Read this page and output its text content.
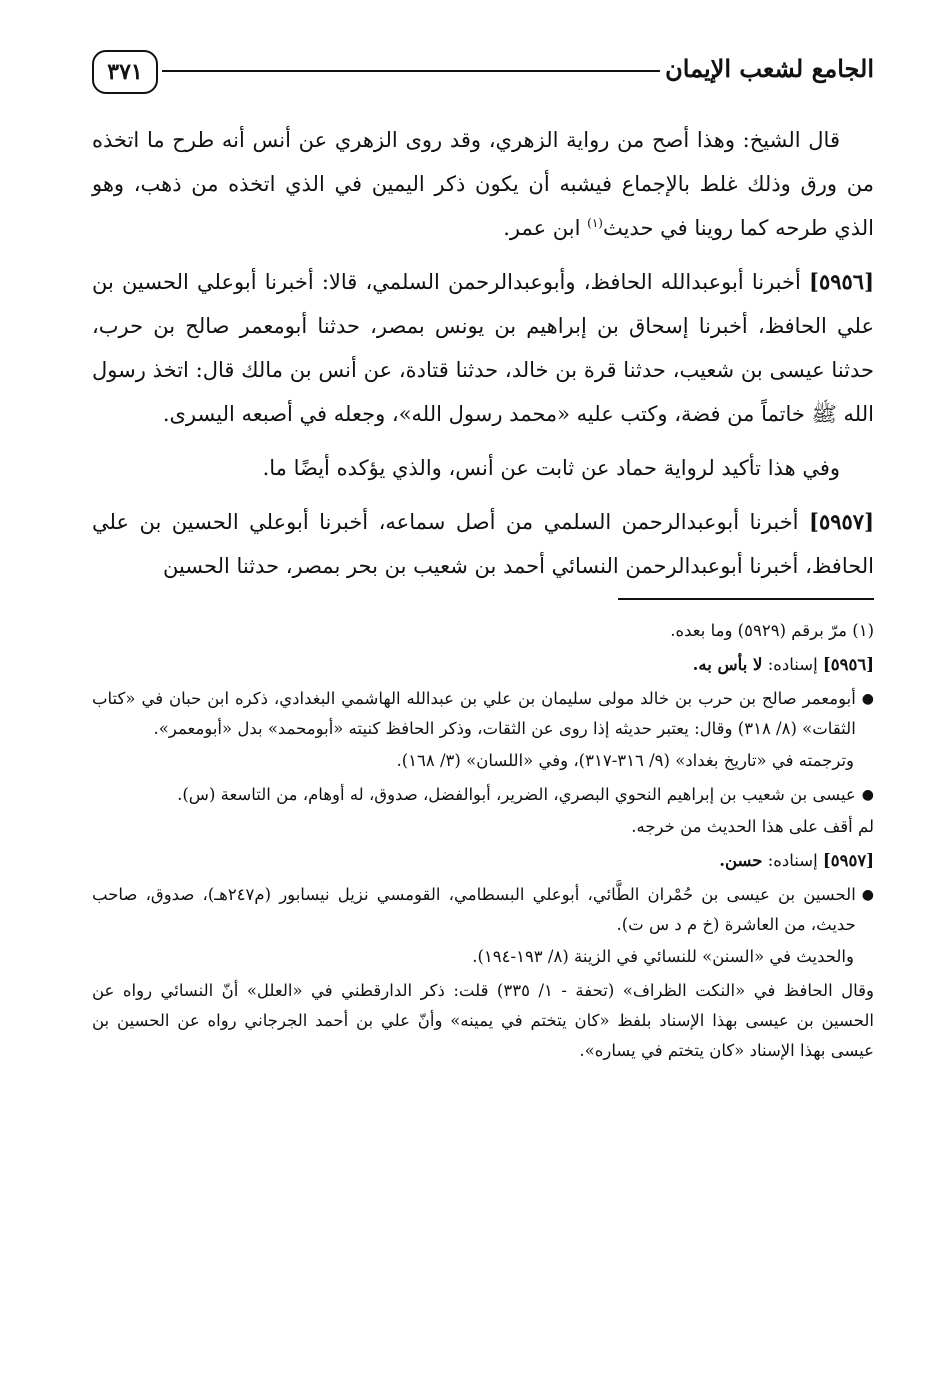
الجامع لشعب الإيمان
٣٧١

قال الشيخ: وهذا أصح من رواية الزهري، وقد روى الزهري عن أنس أنه طرح ما اتخذه من ورق وذلك غلط بالإجماع فيشبه أن يكون ذكر اليمين في الذي اتخذه من ذهب، وهو الذي طرحه كما روينا في حديث$^{(١)}$ ابن عمر.

[٥٩٥٦] أخبرنا أبوعبدالله الحافظ، وأبوعبدالرحمن السلمي، قالا: أخبرنا أبوعلي الحسين بن علي الحافظ، أخبرنا إسحاق بن إبراهيم بن يونس بمصر، حدثنا أبومعمر صالح بن حرب، حدثنا عيسى بن شعيب، حدثنا قرة بن خالد، حدثنا قتادة، عن أنس بن مالك قال: اتخذ رسول الله ﷺ خاتماً من فضة، وكتب عليه «محمد رسول الله»، وجعله في أصبعه اليسرى.

وفي هذا تأكيد لرواية حماد عن ثابت عن أنس، والذي يؤكده أيضًا ما.

[٥٩٥٧] أخبرنا أبوعبدالرحمن السلمي من أصل سماعه، أخبرنا أبوعلي الحسين بن علي الحافظ، أخبرنا أبوعبدالرحمن النسائي أحمد بن شعيب بن بحر بمصر، حدثنا الحسين

(١) مرّ برقم (٥٩٢٩) وما بعده.

[٥٩٥٦] إسناده: لا بأس به.

●

أبومعمر صالح بن حرب بن خالد مولى سليمان بن علي بن عبدالله الهاشمي البغدادي، ذكره ابن حبان في «كتاب الثقات» (٨/ ٣١٨) وقال: يعتبر حديثه إذا روى عن الثقات، وذكر الحافظ كنيته «أبومحمد» بدل «أبومعمر».

وترجمته في «تاريخ بغداد» (٩/ ٣١٦-٣١٧)، وفي «اللسان» (٣/ ١٦٨).

●

عيسى بن شعيب بن إبراهيم النحوي البصري، الضرير، أبوالفضل، صدوق، له أوهام، من التاسعة (س).

لم أقف على هذا الحديث من خرجه.

[٥٩٥٧] إسناده: حسن.

●

الحسين بن عيسى بن حُمْران الطَّائي، أبوعلي البسطامي، القومسي نزيل نيسابور (م٢٤٧هـ)، صدوق، صاحب حديث، من العاشرة (خ م د س ت).

والحديث في «السنن» للنسائي في الزينة (٨/ ١٩٣-١٩٤).

وقال الحافظ في «النكت الظراف» (تحفة - ١/ ٣٣٥) قلت: ذكر الدارقطني في «العلل» أنّ النسائي رواه عن الحسين بن عيسى بهذا الإسناد بلفظ «كان يتختم في يمينه» وأنّ علي بن أحمد الجرجاني رواه عن الحسين بن عيسى بهذا الإسناد «كان يتختم في يساره».
